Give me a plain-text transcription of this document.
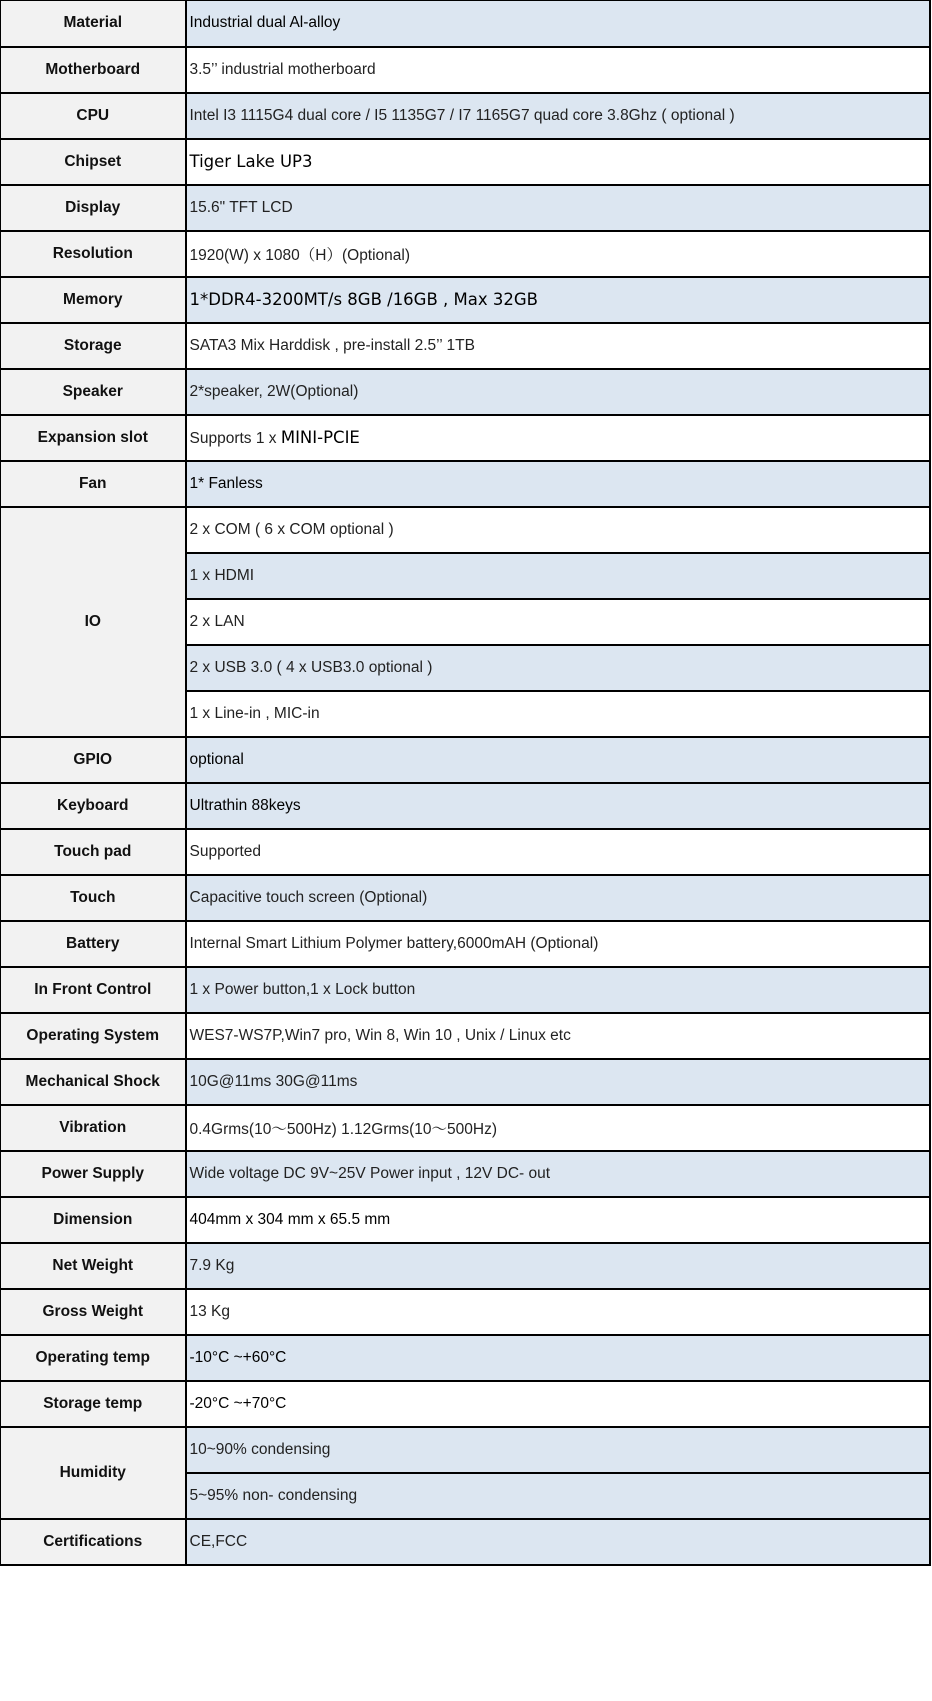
Material	Industrial dual Al-alloy
Motherboard	3.5’’ industrial motherboard
CPU	Intel I3 1115G4 dual core / I5 1135G7 / I7 1165G7 quad core 3.8Ghz ( optional )
Chipset	Tiger Lake UP3
Display	15.6" TFT LCD
Resolution	1920(W) x 1080（H）(Optional)
Memory	1*DDR4-3200MT/s 8GB /16GB , Max 32GB
Storage	SATA3 Mix Harddisk , pre-install 2.5’’ 1TB
Speaker	2*speaker, 2W(Optional)
Expansion slot	Supports 1 x MINI-PCIE
Fan	1* Fanless
IO	2 x COM ( 6 x COM optional )
	1 x HDMI
	2 x LAN
	2 x USB 3.0 ( 4 x USB3.0 optional )
	1 x Line-in , MIC-in
GPIO	optional
Keyboard	Ultrathin 88keys
Touch pad	Supported
Touch	Capacitive touch screen (Optional)
Battery	Internal Smart Lithium Polymer battery,6000mAH (Optional)
In Front Control	1 x Power button,1 x Lock button
Operating System	WES7-WS7P,Win7 pro, Win 8, Win 10 , Unix / Linux etc
Mechanical Shock	10G@11ms 30G@11ms
Vibration	0.4Grms(10～500Hz) 1.12Grms(10～500Hz)
Power Supply	Wide voltage DC 9V~25V Power input , 12V DC- out
Dimension	404mm x 304 mm x 65.5 mm
Net Weight	7.9 Kg
Gross Weight	13 Kg
Operating temp	-10°C ~+60°C
Storage temp	-20°C ~+70°C
Humidity	10~90% condensing
	5~95% non- condensing
Certifications	CE,FCC
